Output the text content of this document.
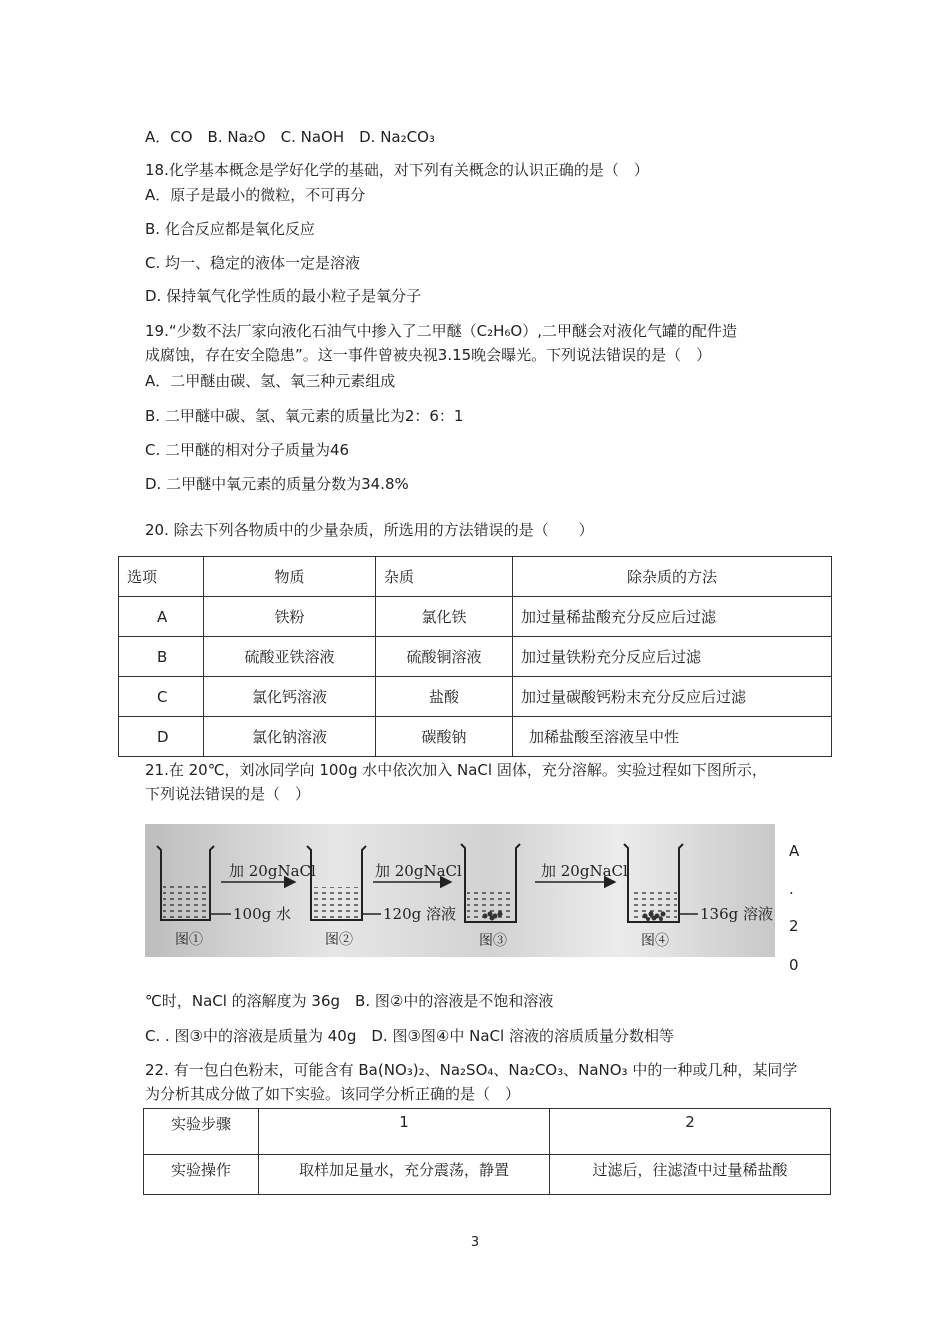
A．CO　B. Na₂O　C. NaOH　D. Na₂CO₃
18.化学基本概念是学好化学的基础，对下列有关概念的认识正确的是（　）
A．原子是最小的微粒，不可再分
B. 化合反应都是氧化反应
C. 均一、稳定的液体一定是溶液
D. 保持氧气化学性质的最小粒子是氧分子
19.“少数不法厂家向液化石油气中掺入了二甲醚（C₂H₆O）,二甲醚会对液化气罐的配件造
成腐蚀，存在安全隐患”。这一事件曾被央视3.15晚会曝光。下列说法错误的是（　）
A．二甲醚由碳、氢、氧三种元素组成
B. 二甲醚中碳、氢、氧元素的质量比为2：6：1
C. 二甲醚的相对分子质量为46
D. 二甲醚中氧元素的质量分数为34.8%
20. 除去下列各物质中的少量杂质，所选用的方法错误的是（　　）
选项	物质	杂质	除杂质的方法
A	铁粉	氯化铁	加过量稀盐酸充分反应后过滤
B	硫酸亚铁溶液	硫酸铜溶液	加过量铁粉充分反应后过滤
C	氯化钙溶液	盐酸	加过量碳酸钙粉末充分反应后过滤
D	氯化钠溶液	碳酸钠	加稀盐酸至溶液呈中性
21.在 20℃，刘冰同学向 100g 水中依次加入 NaCl 固体，充分溶解。实验过程如下图所示，
下列说法错误的是（　）
加 20gNaCl	加 20gNaCl	加 20gNaCl
100g 水	120g 溶液	136g 溶液
图①	图②	图③	图④
A
.
2
0
℃时，NaCl 的溶解度为 36g　B. 图②中的溶液是不饱和溶液
C. . 图③中的溶液是质量为 40g　D. 图③图④中 NaCl 溶液的溶质质量分数相等
22. 有一包白色粉末，可能含有 Ba(NO₃)₂、Na₂SO₄、Na₂CO₃、NaNO₃ 中的一种或几种，某同学
为分析其成分做了如下实验。该同学分析正确的是（　）
实验步骤	1	2
实验操作	取样加足量水，充分震荡，静置	过滤后，往滤渣中过量稀盐酸
3
